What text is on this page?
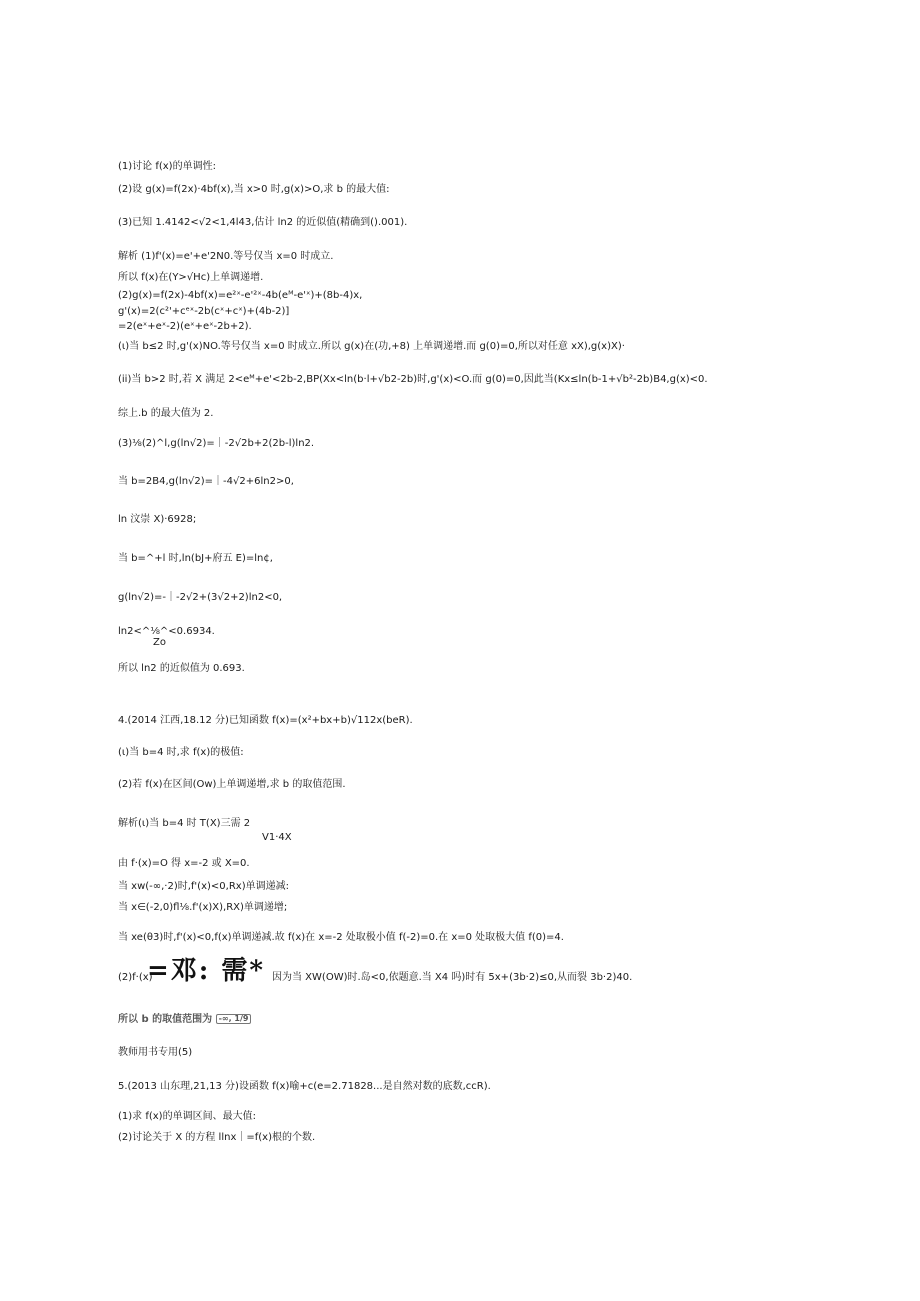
(1)讨论 f(x)的单调性:
(2)设 g(x)=f(2x)·4bf(x),当 x>0 时,g(x)>O,求 b 的最大值:
(3)已知 1.4142<√2<1,4l43,估计 ln2 的近似值(精确到().001).
解析 (1)f'(x)=e'+e'2N0.等号仅当 x=0 时成立.
所以 f(x)在(Y>√Hc)上单调递增.
(2)g(x)=f(2x)-4bf(x)=e²ˣ-e'²ˣ-4b(eᴹ-e'ˣ)+(8b-4)x,
g'(x)=2(c²'+cᵉˣ-2b(cˣ+cˣ)+(4b-2)]
=2(eˣ+eˣ-2)(eˣ+eˣ-2b+2).
(ι)当 b≤2 时,g'(x)NO.等号仅当 x=0 时成立.所以 g(x)在(功,+8) 上单调递增.而 g(0)=0,所以对任意 xX),g(x)X)·
(ii)当 b>2 时,若 X 满足 2<eᴹ+e'<2b-2,BP(Xx<ln(b·l+√b2-2b)时,g'(x)<O.而 g(0)=0,因此当(Kx≤ln(b-1+√b²-2b)B4,g(x)<0.
综上.b 的最大值为 2.
(3)⅛(2)^l,g(ln√2)=｜-2√2b+2(2b-l)ln2.
当 b=2B4,g(ln√2)=｜-4√2+6ln2>0,
ln 汶崇 X)·6928;
当 b=^+l 时,ln(bJ+府五 E)=ln¢,
g(ln√2)=-｜-2√2+(3√2+2)ln2<0,
ln2<^⅛^<0.6934.
Zo
所以 ln2 的近似值为 0.693.
4.(2014 江西,18.12 分)已知函数 f(x)=(x²+bx+b)√112x(beR).
(ι)当 b=4 时,求 f(x)的极值:
(2)若 f(x)在区间(Ow)上单调递增,求 b 的取值范围.
解析(ι)当 b=4 时 T(X)三需 2
V1·4X
由 f·(x)=O 得 x=-2 或 X=0.
当 xw(-∞,·2)时,f'(x)<0,Rx)单调递减:
当 x∈(-2,0)fl⅛.f'(x)X),RX)单调递增;
当 xe(θ3)时,f'(x)<0,f(x)单调递减.故 f(x)在 x=-2 处取极小值 f(-2)=0.在 x=0 处取极大值 f(0)=4.
(2)f·(x)
=邓: 需* 因为当 XW(OW)时.岛<0,依题意.当 X4 吗)时有 5x+(3b·2)≤0,从而裂 3b·2)40.
所以 b 的取值范围为 -∞, 1/9
教师用书专用(5)
5.(2013 山东理,21,13 分)设函数 f(x)喻+c(e=2.71828...是自然对数的底数,ccR).
(1)求 f(x)的单调区间、最大值:
(2)讨论关于 X 的方程 llnx｜=f(x)根的个数.
